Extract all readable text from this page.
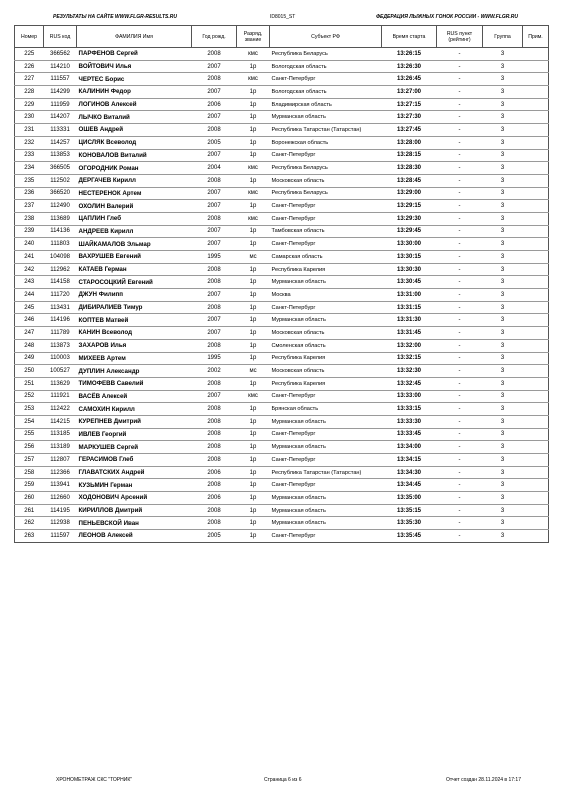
РЕЗУЛЬТАТЫ НА САЙТЕ WWW.FLGR-RESULTS.RU	ID8015_ST	ФЕДЕРАЦИЯ ЛЫЖНЫХ ГОНОК РОССИИ - WWW.FLGR.RU
Номер	RUS код	ФАМИЛИЯ Имя	Год рожд.	Разряд, звание	Субъект РФ	Время старта	RUS пункт (рейтинг)	Группа	Прим.
225	366562	ПАРФЕНОВ Сергей	2008	кмс	Республика Беларусь	13:26:15	-	3	
226	114210	ВОЙТОВИЧ Илья	2007	1р	Вологодская область	13:26:30	-	3	
227	111557	ЧЕРТЕС Борис	2008	кмс	Санкт-Петербург	13:26:45	-	3	
228	114299	КАЛИНИН Федор	2007	1р	Вологодская область	13:27:00	-	3	
229	111959	ЛОГИНОВ Алексей	2006	1р	Владимирская область	13:27:15	-	3	
230	114207	ЛЫЧКО Виталий	2007	1р	Мурманская область	13:27:30	-	3	
231	113331	ОШЕВ Андрей	2008	1р	Республика Татарстан (Татарстан)	13:27:45	-	3	
232	114257	ЦИСЛЯК Всеволод	2005	1р	Воронежская область	13:28:00	-	3	
233	113853	КОНОВАЛОВ Виталий	2007	1р	Санкт-Петербург	13:28:15	-	3	
234	366505	ОГОРОДНИК Роман	2004	кмс	Республика Беларусь	13:28:30	-	3	
235	112502	ДЕРГАЧЕВ Кирилл	2008	1р	Московская область	13:28:45	-	3	
236	366520	НЕСТЕРЕНОК Артем	2007	кмс	Республика Беларусь	13:29:00	-	3	
237	112490	ОХОЛИН Валерий	2007	1р	Санкт-Петербург	13:29:15	-	3	
238	113689	ЦАПЛИН Глеб	2008	кмс	Санкт-Петербург	13:29:30	-	3	
239	114136	АНДРЕЕВ Кирилл	2007	1р	Тамбовская область	13:29:45	-	3	
240	111803	ШАЙКАМАЛОВ Эльмар	2007	1р	Санкт-Петербург	13:30:00	-	3	
241	104098	ВАХРУШЕВ Евгений	1995	мс	Самарская область	13:30:15	-	3	
242	112962	КАТАЕВ Герман	2008	1р	Республика Карелия	13:30:30	-	3	
243	114158	СТАРОСОЦКИЙ Евгений	2008	1р	Мурманская область	13:30:45	-	3	
244	111720	ДЖУН Филипп	2007	1р	Москва	13:31:00	-	3	
245	113431	ДИБИРАЛИЕВ Тимур	2008	1р	Санкт-Петербург	13:31:15	-	3	
246	114196	КОПТЕВ Матвей	2007	1р	Мурманская область	13:31:30	-	3	
247	111789	КАНИН Всеволод	2007	1р	Московская область	13:31:45	-	3	
248	113873	ЗАХАРОВ Илья	2008	1р	Смоленская область	13:32:00	-	3	
249	110003	МИХЕЕВ Артем	1995	1р	Республика Карелия	13:32:15	-	3	
250	100527	ДУПЛИН Александр	2002	мс	Московская область	13:32:30	-	3	
251	113629	ТИМОФЕВВ Савелий	2008	1р	Республика Карелия	13:32:45	-	3	
252	111921	ВАСЁВ Алексей	2007	кмс	Санкт-Петербург	13:33:00	-	3	
253	112422	САМОХИН Кирилл	2008	1р	Брянская область	13:33:15	-	3	
254	114215	КУРЕПНЕВ Дмитрий	2008	1р	Мурманская область	13:33:30	-	3	
255	113185	ИВЛЕВ Георгий	2008	1р	Санкт-Петербург	13:33:45	-	3	
256	113189	МАРКУШЕВ Сергей	2008	1р	Мурманская область	13:34:00	-	3	
257	112807	ГЕРАСИМОВ Глеб	2008	1р	Санкт-Петербург	13:34:15	-	3	
258	112366	ГЛАВАТСКИХ Андрей	2006	1р	Республика Татарстан (Татарстан)	13:34:30	-	3	
259	113941	КУЗЬМИН Герман	2008	1р	Санкт-Петербург	13:34:45	-	3	
260	112660	ХОДОНОВИЧ Арсений	2006	1р	Мурманская область	13:35:00	-	3	
261	114195	КИРИЛЛОВ Дмитрий	2008	1р	Мурманская область	13:35:15	-	3	
262	112938	ПЕНЬЕВСКОЙ Иван	2008	1р	Мурманская область	13:35:30	-	3	
263	111597	ЛЕОНОВ Алексей	2005	1р	Санкт-Петербург	13:35:45	-	3	
ХРОНОМЕТРАЖ СКС "ТОРНИК"	Страница 6 из 6	Отчет создан 28.11.2024 в 17:17
